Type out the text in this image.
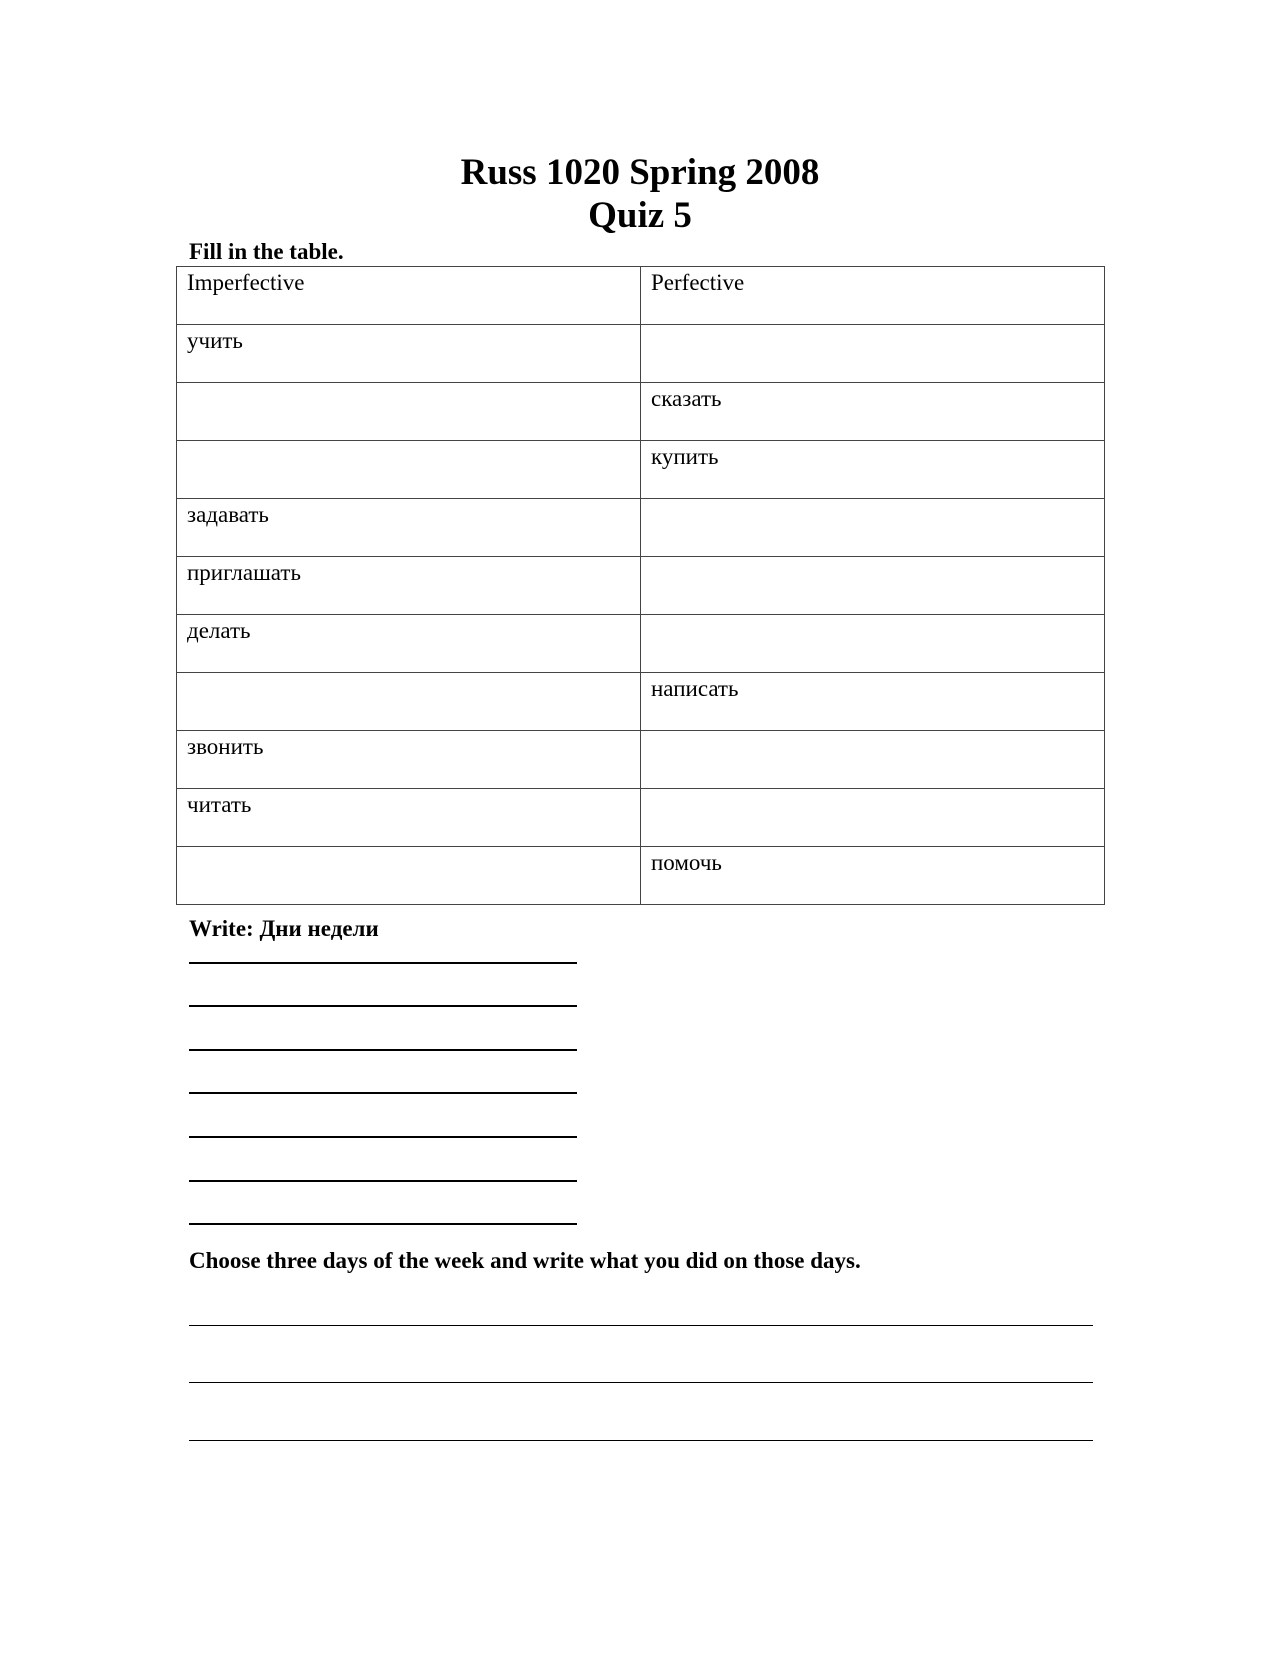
Russ 1020 Spring 2008
Quiz 5
Fill in the table.
Imperfective	Perfective
учить	
	сказать
	купить
задавать	
приглашать	
делать	
	написать
звонить	
читать	
	помочь
Write: Дни недели
Choose three days of the week and write what you did on those days.
